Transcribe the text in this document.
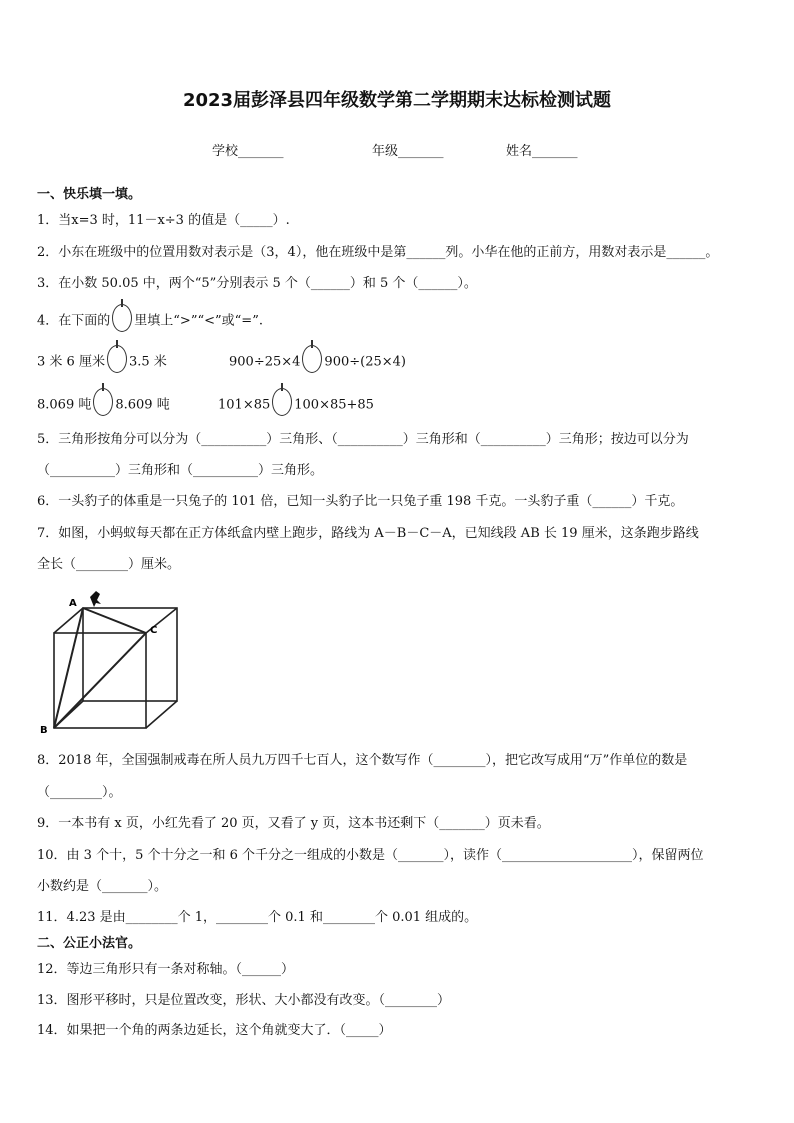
2023届彭泽县四年级数学第二学期期末达标检测试题
学校_______	年级_______	姓名_______
一、快乐填一填。
1．当x=3 时，11－x÷3 的值是（_____）.
2．小东在班级中的位置用数对表示是（3，4），他在班级中是第______列。小华在他的正前方，用数对表示是______。
3．在小数 50.05 中，两个“5”分别表示 5 个（______）和 5 个（______）。
4．在下面的 里填上“>”“<”或“=”.
3 米 6 厘米 3.5 米	900÷25×4 900÷(25×4)
8.069 吨 8.609 吨	101×85 100×85+85
5．三角形按角分可以分为（__________）三角形、（__________）三角形和（__________）三角形；按边可以分为
（__________）三角形和（__________）三角形。
6．一头豹子的体重是一只兔子的 101 倍，已知一头豹子比一只兔子重 198 千克。一头豹子重（______）千克。
7．如图，小蚂蚁每天都在正方体纸盒内壁上跑步，路线为 A－B－C－A，已知线段 AB 长 19 厘米，这条跑步路线
全长（________）厘米。
A
B
C
8．2018 年，全国强制戒毒在所人员九万四千七百人，这个数写作（________），把它改写成用“万”作单位的数是
（________）。
9．一本书有 x 页，小红先看了 20 页，又看了 y 页，这本书还剩下（_______）页未看。
10．由 3 个十，5 个十分之一和 6 个千分之一组成的小数是（_______），读作（____________________），保留两位
小数约是（_______）。
11．4.23 是由________个 1，________个 0.1 和________个 0.01 组成的。
二、公正小法官。
12．等边三角形只有一条对称轴。（______）
13．图形平移时，只是位置改变，形状、大小都没有改变。（________）
14．如果把一个角的两条边延长，这个角就变大了．（_____）
